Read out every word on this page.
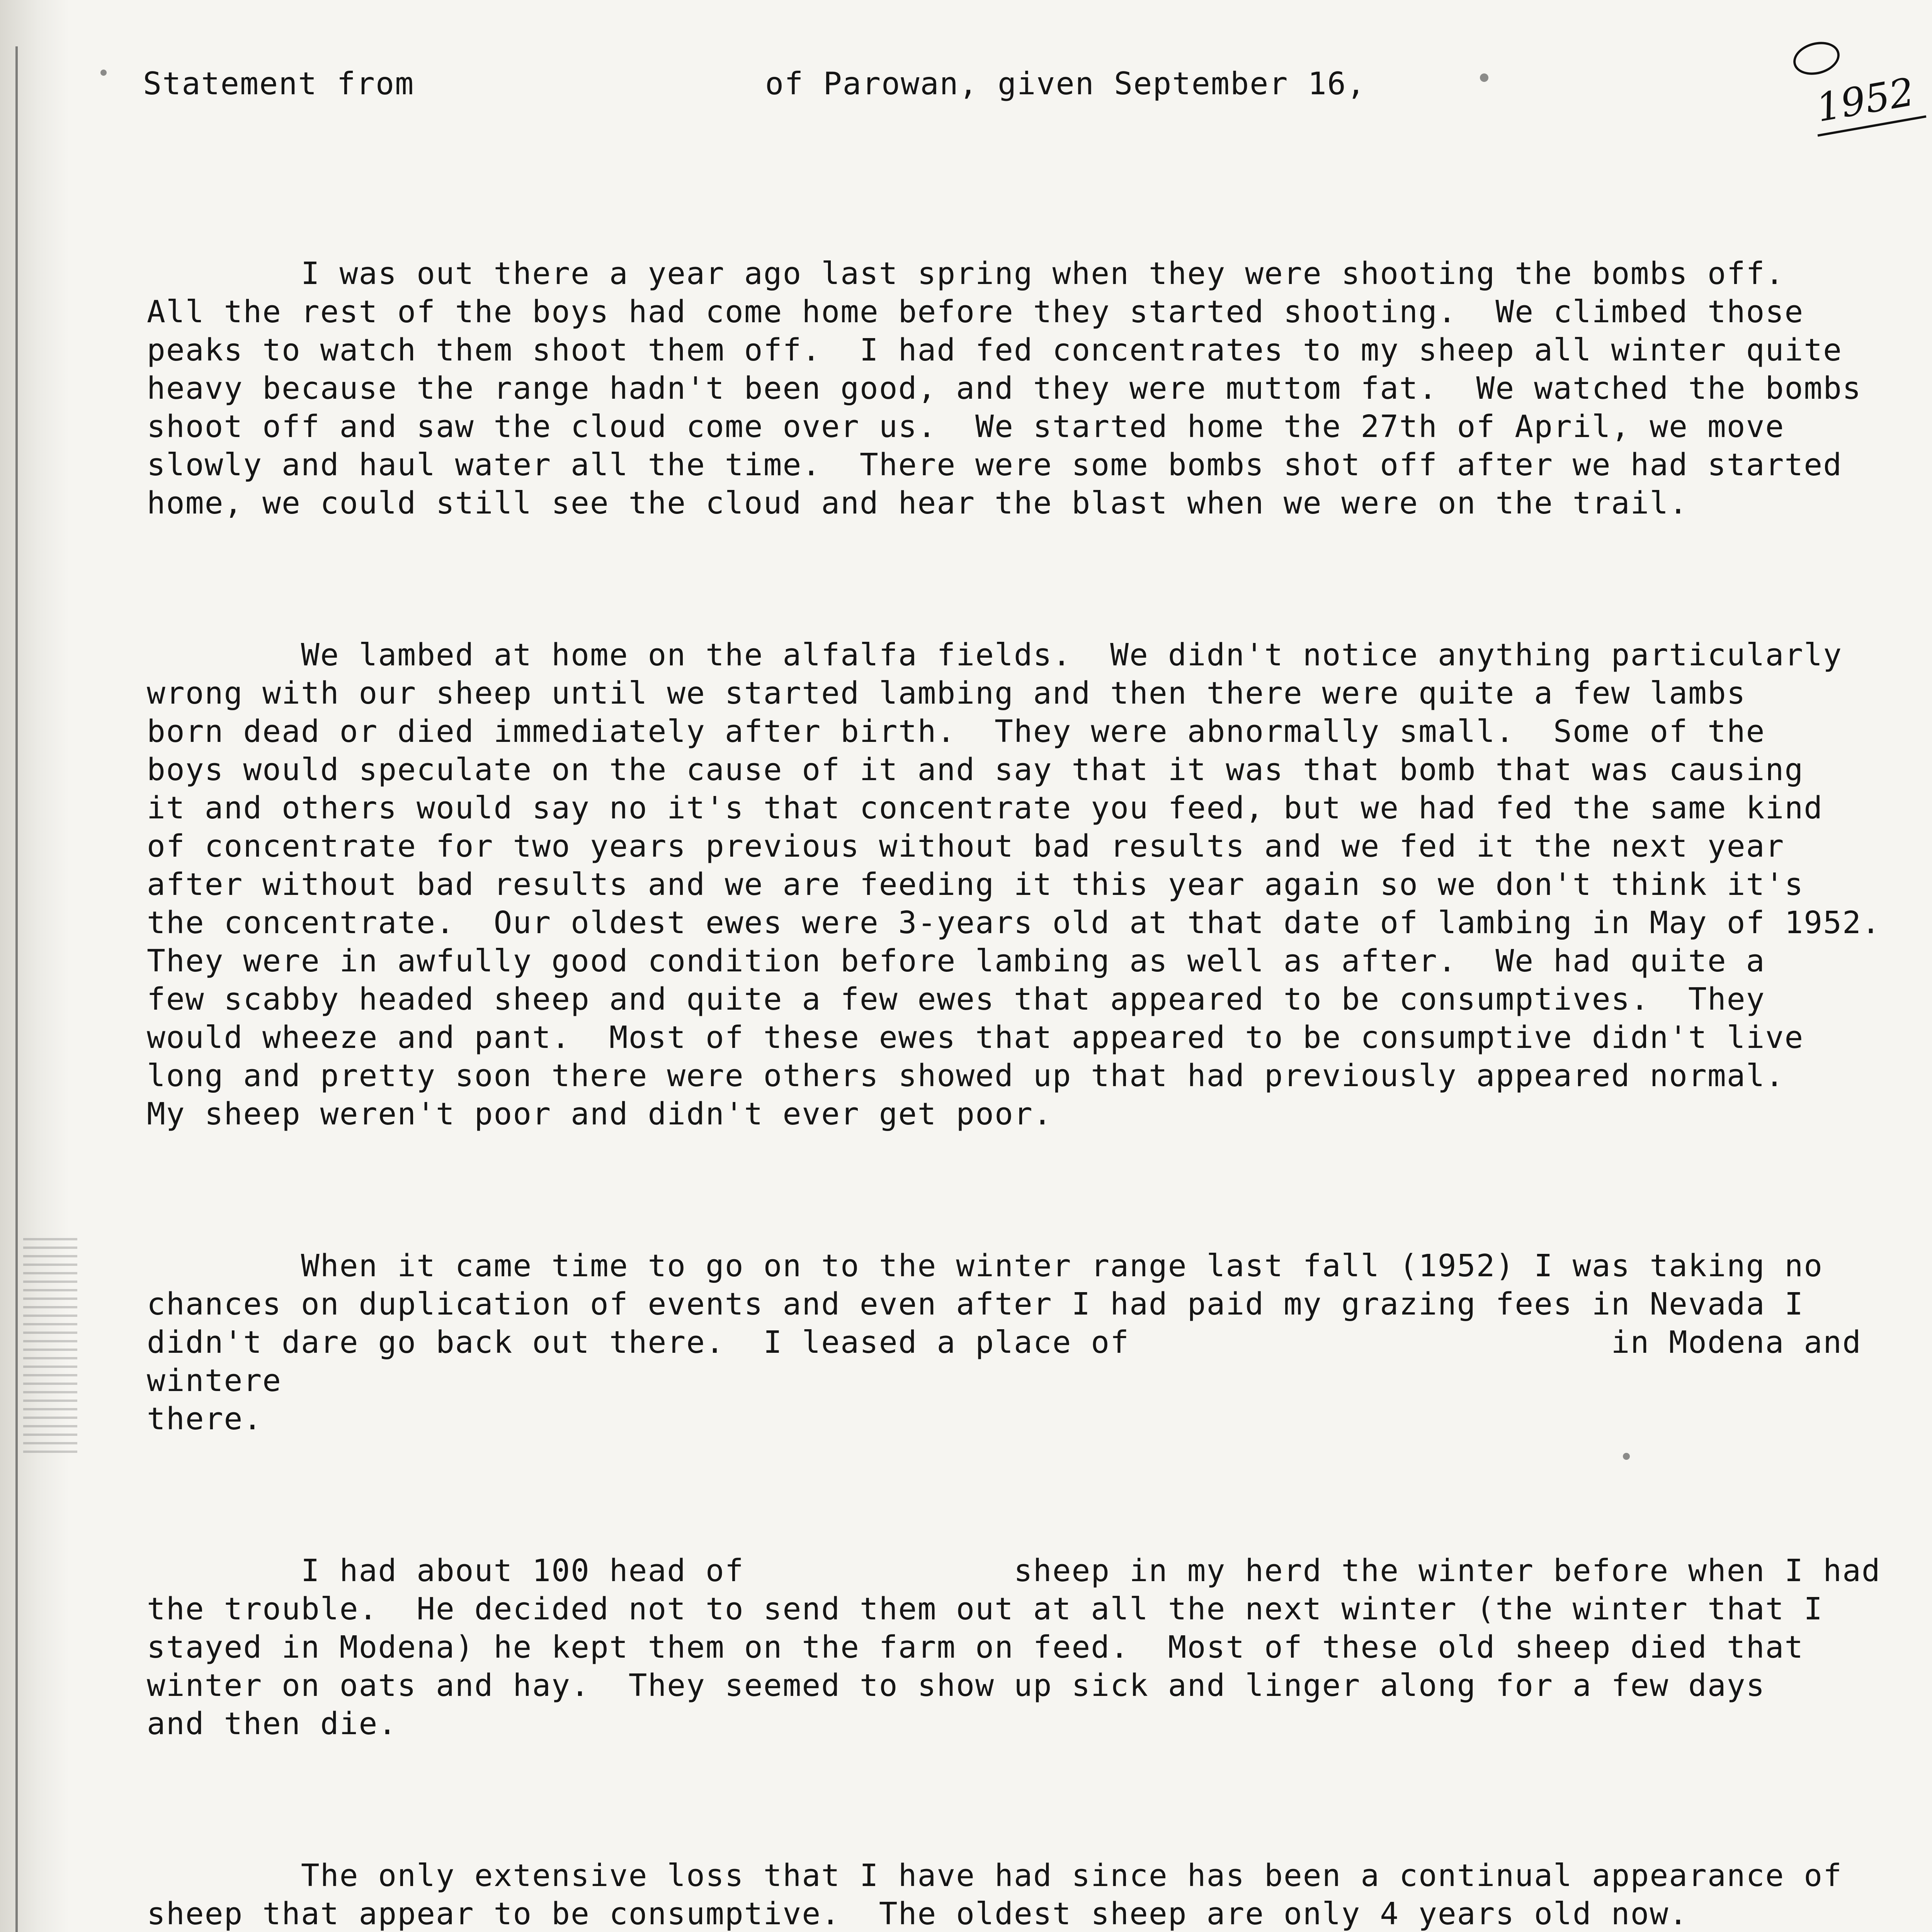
Statement from	of Parowan, given September 16,	1952

I was out there a year ago last spring when they were shooting the bombs off.
All the rest of the boys had come home before they started shooting.  We climbed those
peaks to watch them shoot them off.  I had fed concentrates to my sheep all winter quite
heavy because the range hadn't been good, and they were muttom fat.  We watched the bombs
shoot off and saw the cloud come over us.  We started home the 27th of April, we move
slowly and haul water all the time.  There were some bombs shot off after we had started
home, we could still see the cloud and hear the blast when we were on the trail.

We lambed at home on the alfalfa fields.  We didn't notice anything particularly
wrong with our sheep until we started lambing and then there were quite a few lambs
born dead or died immediately after birth.  They were abnormally small.  Some of the
boys would speculate on the cause of it and say that it was that bomb that was causing
it and others would say no it's that concentrate you feed, but we had fed the same kind
of concentrate for two years previous without bad results and we fed it the next year
after without bad results and we are feeding it this year again so we don't think it's
the concentrate.  Our oldest ewes were 3-years old at that date of lambing in May of 1952.
They were in awfully good condition before lambing as well as after.  We had quite a
few scabby headed sheep and quite a few ewes that appeared to be consumptives.  They
would wheeze and pant.  Most of these ewes that appeared to be consumptive didn't live
long and pretty soon there were others showed up that had previously appeared normal.
My sheep weren't poor and didn't ever get poor.

When it came time to go on to the winter range last fall (1952) I was taking no
chances on duplication of events and even after I had paid my grazing fees in Nevada I
didn't dare go back out there.  I leased a place of                         in Modena and wintere
there.

I had about 100 head of              sheep in my herd the winter before when I had
the trouble.  He decided not to send them out at all the next winter (the winter that I
stayed in Modena) he kept them on the farm on feed.  Most of these old sheep died that
winter on oats and hay.  They seemed to show up sick and linger along for a few days
and then die.

The only extensive loss that I have had since has been a continual appearance of
sheep that appear to be consumptive.  The oldest sheep are only 4 years old now.
